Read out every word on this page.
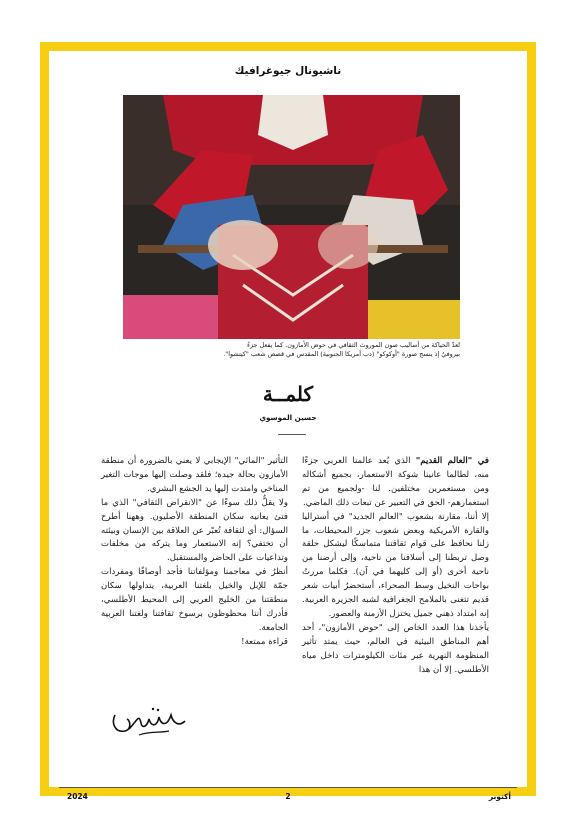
ناشيونال جيوغرافيك
تُعدّ الحياكة من أساليب صون الموروث الثقافي في حوض الأمازون. كما يفعل جزءٌ
بيروفيٌ إذ ينسج صورة "أوكوكو" (دب أمريكا الجنوبية) المقدس في قصص شعب "كيتشوا".
كلمــة
حسين الموسوي

في "العالم القديم" الذي يُعد عالمنا العربي جزءًا منه، لطالما عانينا شوكة الاستعمار، بجميع أشكاله ومن مستعمرين مختلفين. لنا -ولجميع من تم استعمارهم- الحق في التعبير عن تبعات ذلك الماضي.

إلا أننا، مقارنة بشعوب "العالم الجديد" في أستراليا والقارة الأمريكية وبعض شعوب جزر المحيطات، ما زلنا نحافظ على قوام ثقافتنا متماسكًا ليشكل حلقة وصل تربطنا إلى أسلافنا من ناحية، وإلى أرضنا من ناحية أخرى (أو إلى كليهما في آن). فكلما مررتُ بواحات النخيل وسط الصحراء، أستحضرُ أبيات شعر قديم تتغنى بالملامح الجغرافية لشبه الجزيرة العربية. إنه امتداد ذهني جميل يختزل الأزمنة والعصور.

يأخذنا هذا العدد الخاص إلى "حوض الأمازون"، أحد أهم المناطق البيئية في العالم، حيث يمتد تأثير المنظومة النهرية عبر مئات الكيلومترات داخل مياه الأطلسي. إلا أن هذا

التأثير "المائي" الإيجابي لا يعني بالضرورة أن منطقة الأمازون بحالة جيدة؛ فلقد وصلت إليها موجات التغير المناخي وامتدت إليها يد الجشع البشري.

ولا يقلُّ ذلك سوءًا عن "الانقراض الثقافي" الذي ما فتئ يعانيه سكان المنطقة الأصليون. وههنا أطرح السؤال: أي لثقافة تُعبّر عن العلاقة بين الإنسان وبيئته أن تختفي؟ إنه الاستعمار وما يتركه من مخلفات وتداعيات على الحاضر والمستقبل.

أنظرُ في معاجمنا ومؤلفاتنا فأجد أوصافًا ومفردات جمّة للإبل والخيل بلغتنا العربية، يتداولها سكان منطقتنا من الخليج العربي إلى المحيط الأطلسي، فأدرك أننا محظوظون برسوخ ثقافتنا ولغتنا العربية الجامعة.

قراءة ممتعة!

أكتوبر
2
2024
